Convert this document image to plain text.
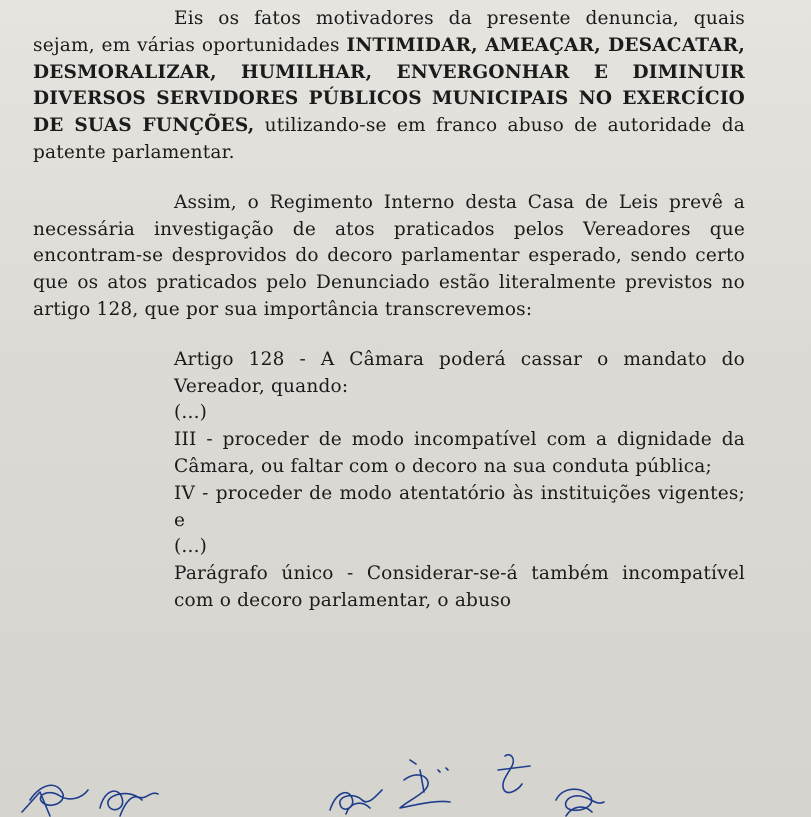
Eis os fatos motivadores da presente denuncia, quais sejam, em várias oportunidades INTIMIDAR, AMEAÇAR, DESACATAR, DESMORALIZAR, HUMILHAR, ENVERGONHAR E DIMINUIR DIVERSOS SERVIDORES PÚBLICOS MUNICIPAIS NO EXERCÍCIO DE SUAS FUNÇÕES, utilizando-se em franco abuso de autoridade da patente parlamentar.

Assim, o Regimento Interno desta Casa de Leis prevê a necessária investigação de atos praticados pelos Vereadores que encontram-se desprovidos do decoro parlamentar esperado, sendo certo que os atos praticados pelo Denunciado estão literalmente previstos no artigo 128, que por sua importância transcrevemos:

Artigo 128 - A Câmara poderá cassar o mandato do Vereador, quando:

(...)

III - proceder de modo incompatível com a dignidade da Câmara, ou faltar com o decoro na sua conduta pública;

IV - proceder de modo atentatório às instituições vigentes; e

(...)

Parágrafo único - Considerar-se-á também incompatível com o decoro parlamentar, o abuso
